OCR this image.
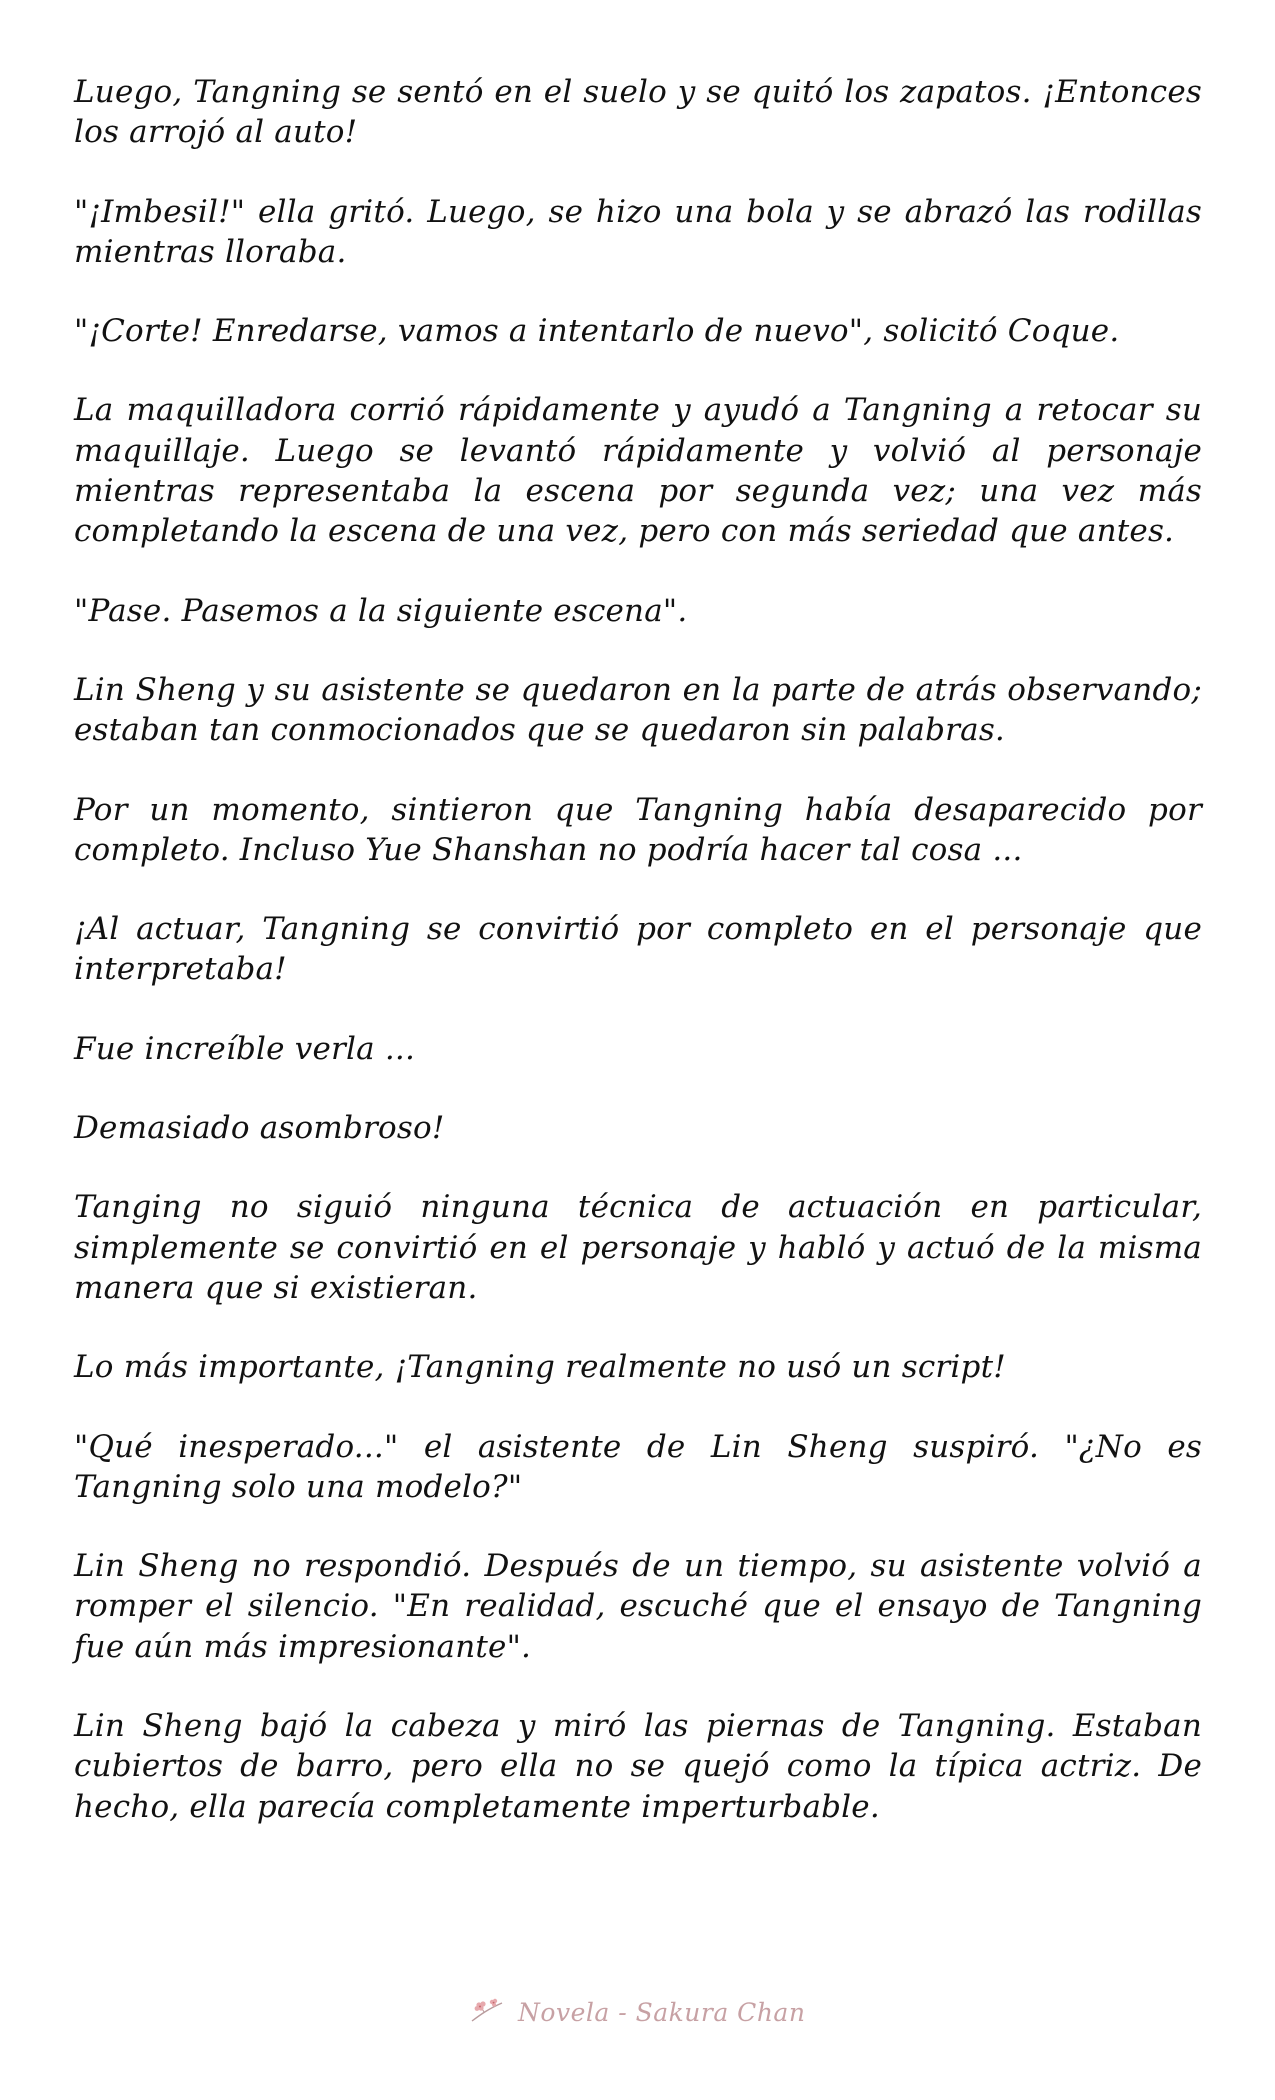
Luego, Tangning se sentó en el suelo y se quitó los zapatos. ¡Entonces los arrojó al auto!

"¡Imbesil!" ella gritó. Luego, se hizo una bola y se abrazó las rodillas mientras lloraba.

"¡Corte! Enredarse, vamos a intentarlo de nuevo", solicitó Coque.

La maquilladora corrió rápidamente y ayudó a Tangning a retocar su maquillaje. Luego se levantó rápidamente y volvió al personaje mientras representaba la escena por segunda vez; una vez más completando la escena de una vez, pero con más seriedad que antes.

"Pase. Pasemos a la siguiente escena".

Lin Sheng y su asistente se quedaron en la parte de atrás observando; estaban tan conmocionados que se quedaron sin palabras.

Por un momento, sintieron que Tangning había desaparecido por completo. Incluso Yue Shanshan no podría hacer tal cosa ...

¡Al actuar, Tangning se convirtió por completo en el personaje que interpretaba!

Fue increíble verla ...

Demasiado asombroso!

Tanging no siguió ninguna técnica de actuación en particular, simplemente se convirtió en el personaje y habló y actuó de la misma manera que si existieran.

Lo más importante, ¡Tangning realmente no usó un script!

"Qué inesperado..." el asistente de Lin Sheng suspiró. "¿No es Tangning solo una modelo?"

Lin Sheng no respondió. Después de un tiempo, su asistente volvió a romper el silencio. "En realidad, escuché que el ensayo de Tangning fue aún más impresionante".

Lin Sheng bajó la cabeza y miró las piernas de Tangning. Estaban cubiertos de barro, pero ella no se quejó como la típica actriz. De hecho, ella parecía completamente imperturbable.

Novela - Sakura Chan
